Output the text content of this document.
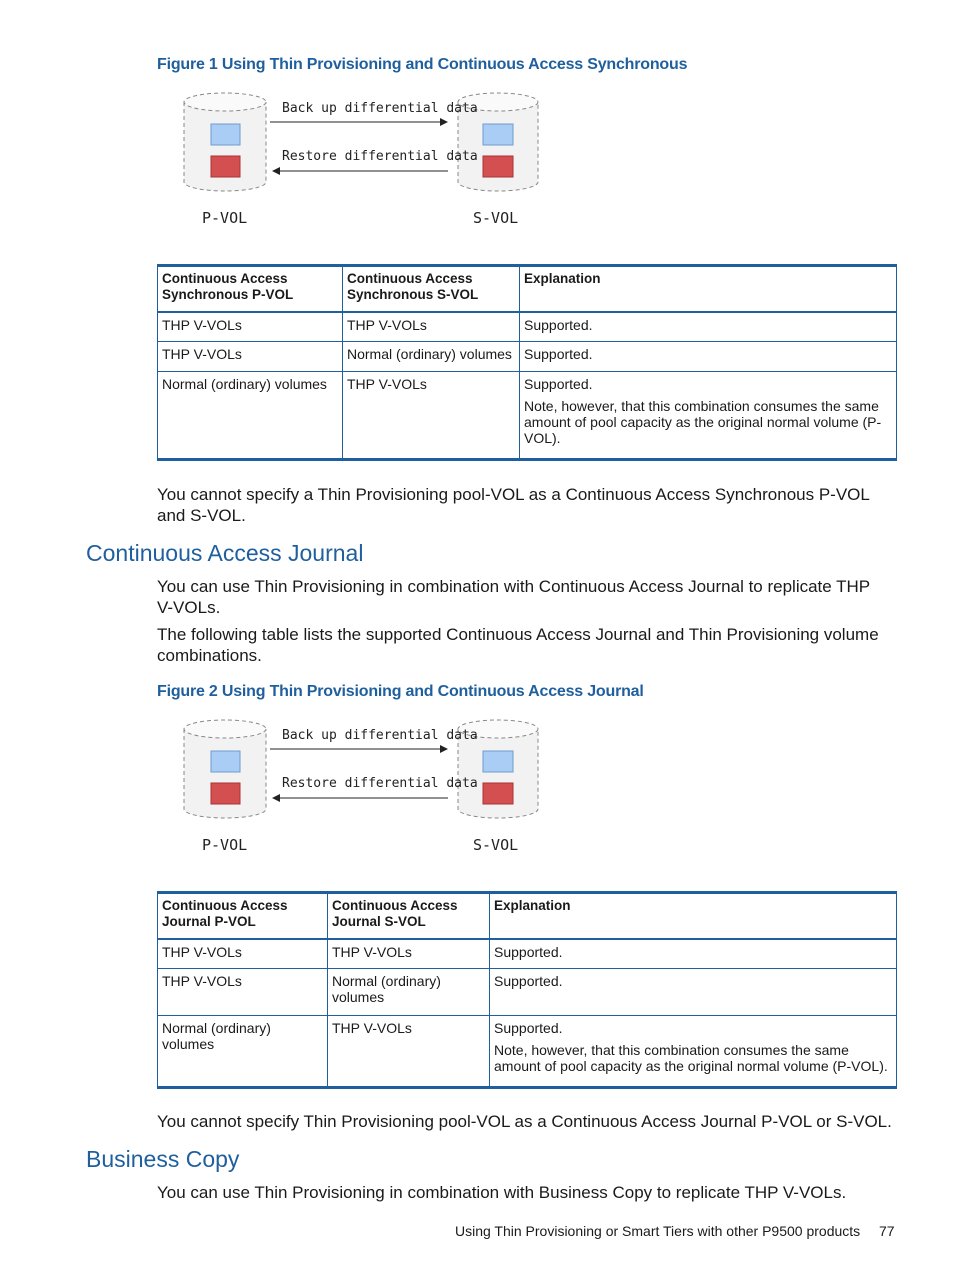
Figure 1 Using Thin Provisioning and Continuous Access Synchronous
Back up differential data
Restore differential data
P-VOL	S-VOL
Continuous Access Synchronous P-VOL	Continuous Access Synchronous S-VOL	Explanation
THP V-VOLs	THP V-VOLs	Supported.
THP V-VOLs	Normal (ordinary) volumes	Supported.
Normal (ordinary) volumes	THP V-VOLs	Supported.
Note, however, that this combination consumes the same amount of pool capacity as the original normal volume (P-VOL).
You cannot specify a Thin Provisioning pool-VOL as a Continuous Access Synchronous P-VOL and S-VOL.
Continuous Access Journal
You can use Thin Provisioning in combination with Continuous Access Journal to replicate THP V-VOLs.
The following table lists the supported Continuous Access Journal and Thin Provisioning volume combinations.
Figure 2 Using Thin Provisioning and Continuous Access Journal
Back up differential data
Restore differential data
P-VOL	S-VOL
Continuous Access Journal P-VOL	Continuous Access Journal S-VOL	Explanation
THP V-VOLs	THP V-VOLs	Supported.
THP V-VOLs	Normal (ordinary) volumes	Supported.
Normal (ordinary) volumes	THP V-VOLs	Supported.
Note, however, that this combination consumes the same amount of pool capacity as the original normal volume (P-VOL).
You cannot specify Thin Provisioning pool-VOL as a Continuous Access Journal P-VOL or S-VOL.
Business Copy
You can use Thin Provisioning in combination with Business Copy to replicate THP V-VOLs.
Using Thin Provisioning or Smart Tiers with other P9500 products 77
